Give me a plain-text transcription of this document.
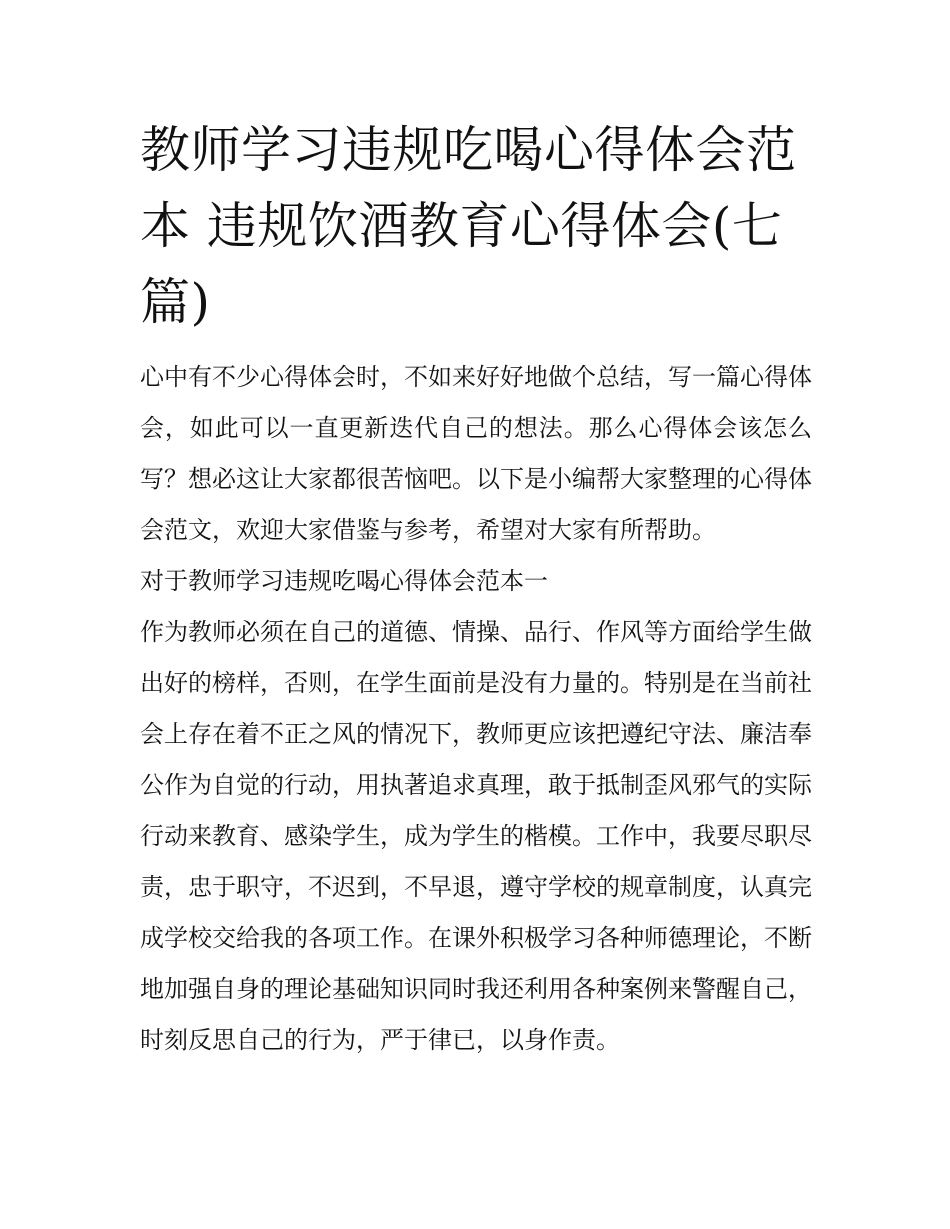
教师学习违规吃喝心得体会范本 违规饮酒教育心得体会(七篇)

心中有不少心得体会时，不如来好好地做个总结，写一篇心得体会，如此可以一直更新迭代自己的想法。那么心得体会该怎么写？想必这让大家都很苦恼吧。以下是小编帮大家整理的心得体会范文，欢迎大家借鉴与参考，希望对大家有所帮助。

对于教师学习违规吃喝心得体会范本一

作为教师必须在自己的道德、情操、品行、作风等方面给学生做出好的榜样，否则，在学生面前是没有力量的。特别是在当前社会上存在着不正之风的情况下，教师更应该把遵纪守法、廉洁奉公作为自觉的行动，用执著追求真理，敢于抵制歪风邪气的实际行动来教育、感染学生，成为学生的楷模。工作中，我要尽职尽责，忠于职守，不迟到，不早退，遵守学校的规章制度，认真完成学校交给我的各项工作。在课外积极学习各种师德理论，不断地加强自身的理论基础知识同时我还利用各种案例来警醒自己，时刻反思自己的行为，严于律已，以身作责。
